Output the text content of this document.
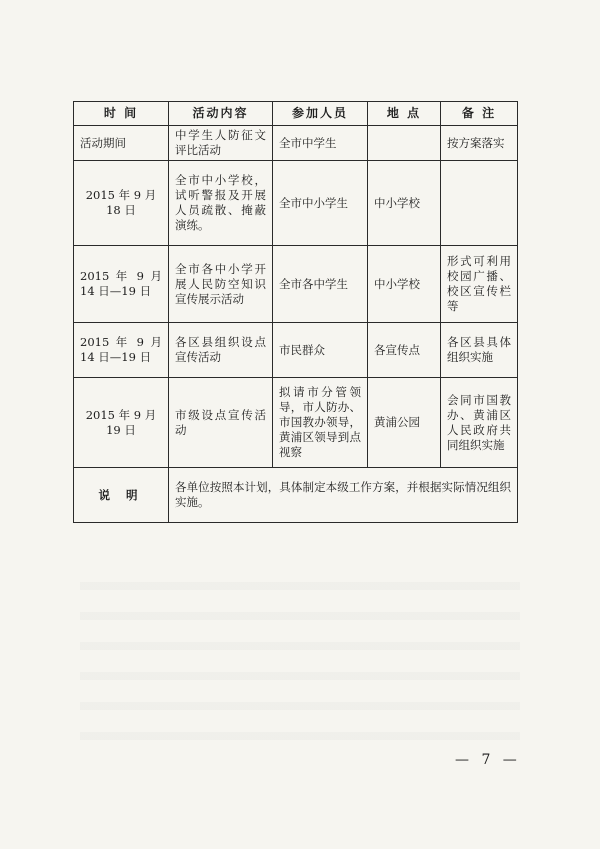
时 间	活动内容	参加人员	地 点	备 注
活动期间	中学生人防征文评比活动	全市中学生		按方案落实
2015 年 9 月 18 日	全市中小学校，试听警报及开展人员疏散、掩蔽演练。	全市中小学生	中小学校	
2015 年 9 月 14 日—19 日	全市各中小学开展人民防空知识宣传展示活动	全市各中学生	中小学校	形式可利用校园广播、校区宣传栏等
2015 年 9 月 14 日—19 日	各区县组织设点宣传活动	市民群众	各宣传点	各区县具体组织实施
2015 年 9 月 19 日	市级设点宣传活动	拟请市分管领导，市人防办、市国教办领导，黄浦区领导到点视察	黄浦公园	会同市国教办、黄浦区人民政府共同组织实施
说 明	各单位按照本计划，具体制定本级工作方案，并根据实际情况组织实施。			
— 7 —
